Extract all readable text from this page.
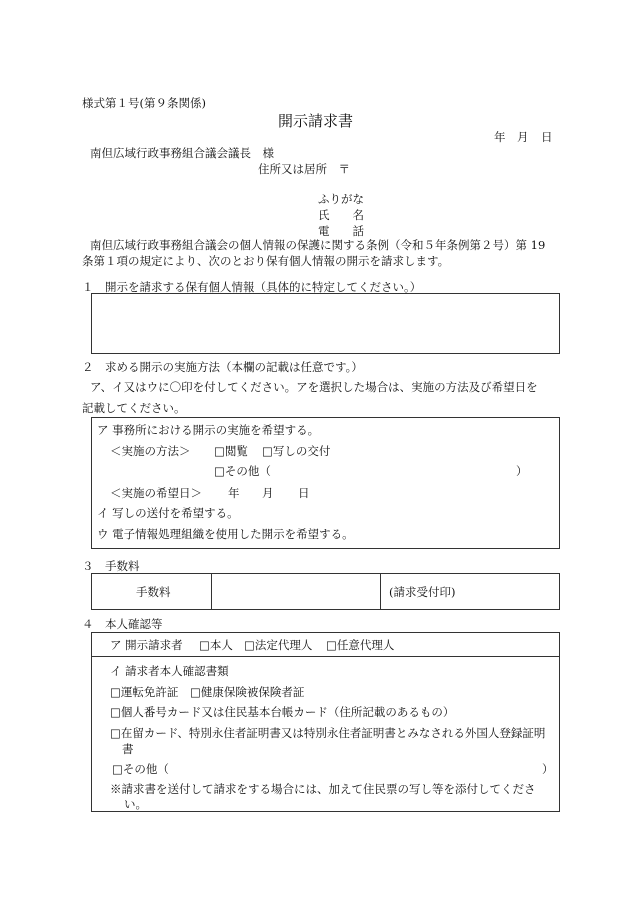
様式第１号(第９条関係)
開示請求書
年 月 日
南但広域行政事務組合議会議長　様
住所又は居所　〒
ふりがな
氏　　名
電　　話
南但広域行政事務組合議会の個人情報の保護に関する条例（令和５年条例第２号）第 19
条第１項の規定により、次のとおり保有個人情報の開示を請求します。
１　開示を請求する保有個人情報（具体的に特定してください。）
２　求める開示の実施方法（本欄の記載は任意です。）
ア、イ又はウに〇印を付してください。アを選択した場合は、実施の方法及び希望日を
記載してください。
ア 事務所における開示の実施を希望する。
＜実施の方法＞ □閲覧 □写しの交付
□その他（	）
＜実施の希望日＞ 年 月 日
イ 写しの送付を希望する。
ウ 電子情報処理組織を使用した開示を希望する。
３　手数料
手数料	(請求受付印)
４　本人確認等
ア 開示請求者 □本人 □法定代理人 □任意代理人
イ 請求者本人確認書類
□運転免許証 □健康保険被保険者証
□個人番号カード又は住民基本台帳カード（住所記載のあるもの）
□在留カード、特別永住者証明書又は特別永住者証明書とみなされる外国人登録証明
書
□その他（	）
※請求書を送付して請求をする場合には、加えて住民票の写し等を添付してくださ
い。
